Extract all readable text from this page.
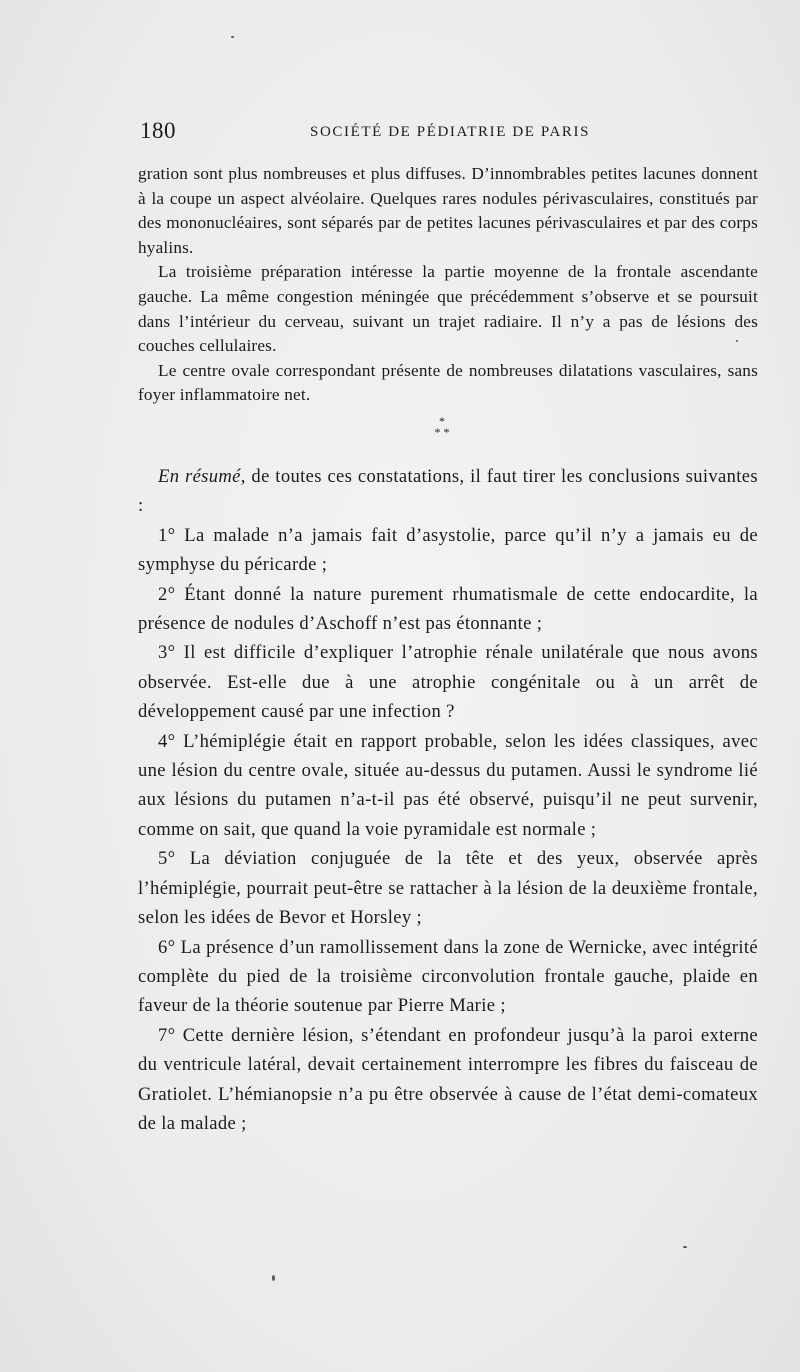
180	SOCIÉTÉ DE PÉDIATRIE DE PARIS

gration sont plus nombreuses et plus diffuses. D’innombrables petites lacunes donnent à la coupe un aspect alvéolaire. Quelques rares nodules périvasculaires, constitués par des mononucléaires, sont séparés par de petites lacunes périvasculaires et par des corps hyalins.

La troisième préparation intéresse la partie moyenne de la frontale ascendante gauche. La même congestion méningée que précédemment s’observe et se poursuit dans l’intérieur du cerveau, suivant un trajet radiaire. Il n’y a pas de lésions des couches cellulaires.

Le centre ovale correspondant présente de nombreuses dilatations vasculaires, sans foyer inflammatoire net.

*
* *

En résumé, de toutes ces constatations, il faut tirer les conclusions suivantes :

1° La malade n’a jamais fait d’asystolie, parce qu’il n’y a jamais eu de symphyse du péricarde ;

2° Étant donné la nature purement rhumatismale de cette endocardite, la présence de nodules d’Aschoff n’est pas étonnante ;

3° Il est difficile d’expliquer l’atrophie rénale unilatérale que nous avons observée. Est-elle due à une atrophie congénitale ou à un arrêt de développement causé par une infection ?

4° L’hémiplégie était en rapport probable, selon les idées classiques, avec une lésion du centre ovale, située au-dessus du putamen. Aussi le syndrome lié aux lésions du putamen n’a-t-il pas été observé, puisqu’il ne peut survenir, comme on sait, que quand la voie pyramidale est normale ;

5° La déviation conjuguée de la tête et des yeux, observée après l’hémiplégie, pourrait peut-être se rattacher à la lésion de la deuxième frontale, selon les idées de Bevor et Horsley ;

6° La présence d’un ramollissement dans la zone de Wernicke, avec intégrité complète du pied de la troisième circonvolution frontale gauche, plaide en faveur de la théorie soutenue par Pierre Marie ;

7° Cette dernière lésion, s’étendant en profondeur jusqu’à la paroi externe du ventricule latéral, devait certainement interrompre les fibres du faisceau de Gratiolet. L’hémianopsie n’a pu être observée à cause de l’état demi-comateux de la malade ;
